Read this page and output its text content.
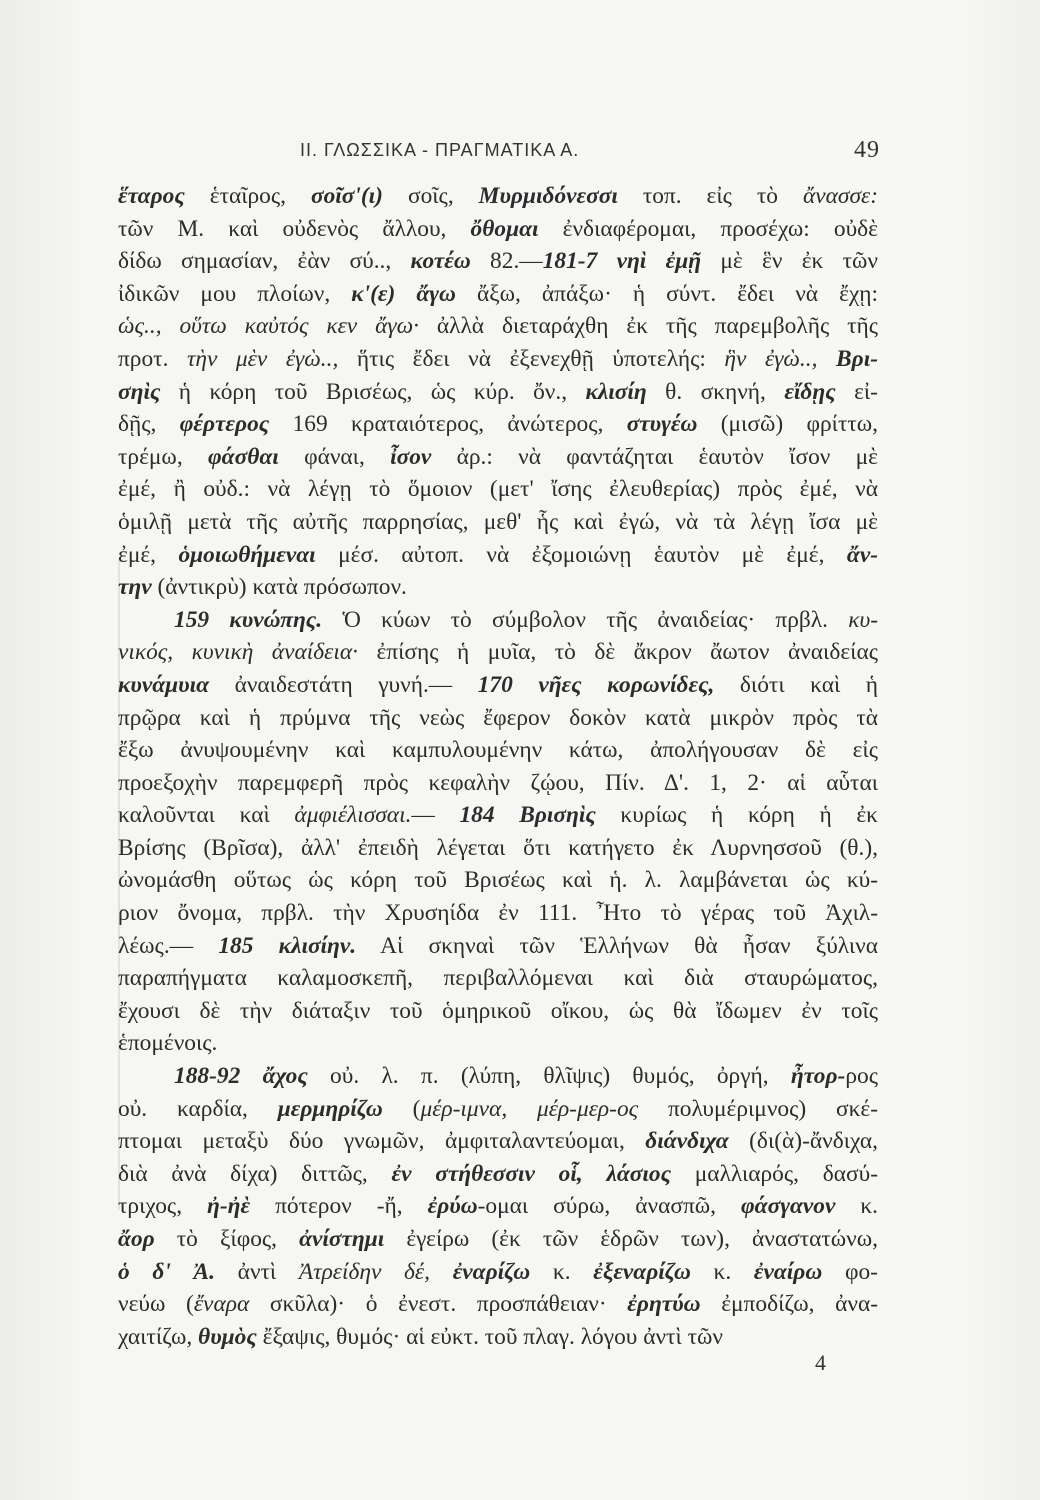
II. ΓΛΩΣΣΙΚΑ - ΠΡΑΓΜΑΤΙΚΑ Α.	49
ἕταρος ἑταῖρος, σοῖσ'(ι) σοῖς, Μυρμιδόνεσσι τοπ. εἰς τὸ ἄνασσε:
τῶν Μ. καὶ οὐδενὸς ἄλλου, ὄθομαι ἐνδιαφέρομαι, προσέχω: οὐδὲ
δίδω σημασίαν, ἐὰν σύ.., κοτέω 82.—181-7 νηὶ ἐμῇ μὲ ἓν ἐκ τῶν
ἰδικῶν μου πλοίων, κ'(ε) ἄγω ἄξω, ἀπάξω· ἡ σύντ. ἔδει νὰ ἔχῃ:
ὡς.., οὕτω καὐτός κεν ἄγω· ἀλλὰ διεταράχθη ἐκ τῆς παρεμβολῆς τῆς
προτ. τὴν μὲν ἐγὼ.., ἥτις ἔδει νὰ ἐξενεχθῇ ὑποτελής: ἣν ἐγὼ.., Βρι-
σηὶς ἡ κόρη τοῦ Βρισέως, ὡς κύρ. ὄν., κλισίη θ. σκηνή, εἴδῃς εἰ-
δῇς, φέρτερος 169 κραταιότερος, ἀνώτερος, στυγέω (μισῶ) φρίττω,
τρέμω, φάσθαι φάναι, ἶσον ἀρ.: νὰ φαντάζηται ἑαυτὸν ἴσον μὲ
ἐμέ, ἢ οὐδ.: νὰ λέγῃ τὸ ὅμοιον (μετ' ἴσης ἐλευθερίας) πρὸς ἐμέ, νὰ
ὁμιλῇ μετὰ τῆς αὐτῆς παρρησίας, μεθ' ἧς καὶ ἐγώ, νὰ τὰ λέγῃ ἴσα μὲ
ἐμέ, ὁμοιωθήμεναι μέσ. αὐτοπ. νὰ ἐξομοιώνῃ ἑαυτὸν μὲ ἐμέ, ἄν-
την (ἀντικρὺ) κατὰ πρόσωπον.
159 κυνώπης. Ὁ κύων τὸ σύμβολον τῆς ἀναιδείας· πρβλ. κυ-
νικός, κυνικὴ ἀναίδεια· ἐπίσης ἡ μυῖα, τὸ δὲ ἄκρον ἄωτον ἀναιδείας
κυνάμυια ἀναιδεστάτη γυνή.— 170 νῆες κορωνίδες, διότι καὶ ἡ
πρῷρα καὶ ἡ πρύμνα τῆς νεὼς ἔφερον δοκὸν κατὰ μικρὸν πρὸς τὰ
ἔξω ἀνυψουμένην καὶ καμπυλουμένην κάτω, ἀπολήγουσαν δὲ εἰς
προεξοχὴν παρεμφερῆ πρὸς κεφαλὴν ζῴου, Πίν. Δ'. 1, 2· αἱ αὗται
καλοῦνται καὶ ἀμφιέλισσαι.— 184 Βρισηὶς κυρίως ἡ κόρη ἡ ἐκ
Βρίσης (Βρῖσα), ἀλλ' ἐπειδὴ λέγεται ὅτι κατήγετο ἐκ Λυρνησσοῦ (θ.),
ὠνομάσθη οὕτως ὡς κόρη τοῦ Βρισέως καὶ ἡ. λ. λαμβάνεται ὡς κύ-
ριον ὄνομα, πρβλ. τὴν Χρυσηίδα ἐν 111. Ἦτο τὸ γέρας τοῦ Ἀχιλ-
λέως.— 185 κλισίην. Αἱ σκηναὶ τῶν Ἑλλήνων θὰ ἦσαν ξύλινα
παραπήγματα καλαμοσκεπῆ, περιβαλλόμεναι καὶ διὰ σταυρώματος,
ἔχουσι δὲ τὴν διάταξιν τοῦ ὁμηρικοῦ οἴκου, ὡς θὰ ἴδωμεν ἐν τοῖς
ἑπομένοις.
188-92 ἄχος οὐ. λ. π. (λύπη, θλῖψις) θυμός, ὀργή, ἦτορ-ρος
οὐ. καρδία, μερμηρίζω (μέρ-ιμνα, μέρ-μερ-ος πολυμέριμνος) σκέ-
πτομαι μεταξὺ δύο γνωμῶν, ἀμφιταλαντεύομαι, διάνδιχα (δι(ὰ)-ἄνδιχα,
διὰ ἀνὰ δίχα) διττῶς, ἐν στήθεσσιν οἷ, λάσιος μαλλιαρός, δασύ-
τριχος, ἠ-ἠὲ πότερον -ἤ, ἐρύω-ομαι σύρω, ἀνασπῶ, φάσγανον κ.
ἄορ τὸ ξίφος, ἀνίστημι ἐγείρω (ἐκ τῶν ἑδρῶν των), ἀναστατώνω,
ὁ δ' Ἀ. ἀντὶ Ἀτρείδην δέ, ἐναρίζω κ. ἐξεναρίζω κ. ἐναίρω φο-
νεύω (ἔναρα σκῦλα)· ὁ ἐνεστ. προσπάθειαν· ἐρητύω ἐμποδίζω, ἀνα-
χαιτίζω, θυμὸς ἔξαψις, θυμός· αἱ εὐκτ. τοῦ πλαγ. λόγου ἀντὶ τῶν
4
